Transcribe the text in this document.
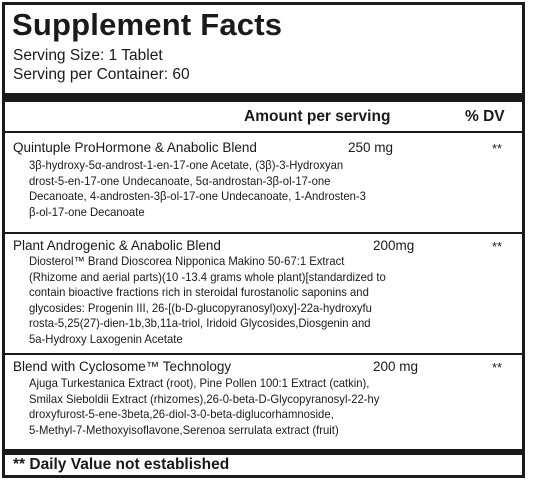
Supplement Facts
Serving Size: 1 Tablet
Serving per Container: 60
Amount per serving	% DV
Quintuple ProHormone & Anabolic Blend	250 mg	**
3β-hydroxy-5α-androst-1-en-17-one Acetate, (3β)-3-Hydroxyan
drost-5-en-17-one Undecanoate, 5α-androstan-3β-ol-17-one
Decanoate, 4-androsten-3β-ol-17-one Undecanoate, 1-Androsten-3
β-ol-17-one Decanoate
Plant Androgenic & Anabolic Blend	200mg	**
Diosterol™ Brand Dioscorea Nipponica Makino 50-67:1 Extract
(Rhizome and aerial parts)(10 -13.4 grams whole plant)[standardized to
contain bioactive fractions rich in steroidal furostanolic saponins and
glycosides: Progenin III, 26-[(b-D-glucopyranosyl)oxy]-22a-hydroxyfu
rosta-5,25(27)-dien-1b,3b,11a-triol, Iridoid Glycosides,Diosgenin and
5a-Hydroxy Laxogenin Acetate
Blend with Cyclosome™ Technology	200 mg	**
Ajuga Turkestanica Extract (root), Pine Pollen 100:1 Extract (catkin),
Smilax Sieboldii Extract (rhizomes),26-0-beta-D-Glycopyranosyl-22-hy
droxyfurost-5-ene-3beta,26-diol-3-0-beta-diglucorhamnoside,
5-Methyl-7-Methoxyisoflavone,Serenoa serrulata extract (fruit)
** Daily Value not established
